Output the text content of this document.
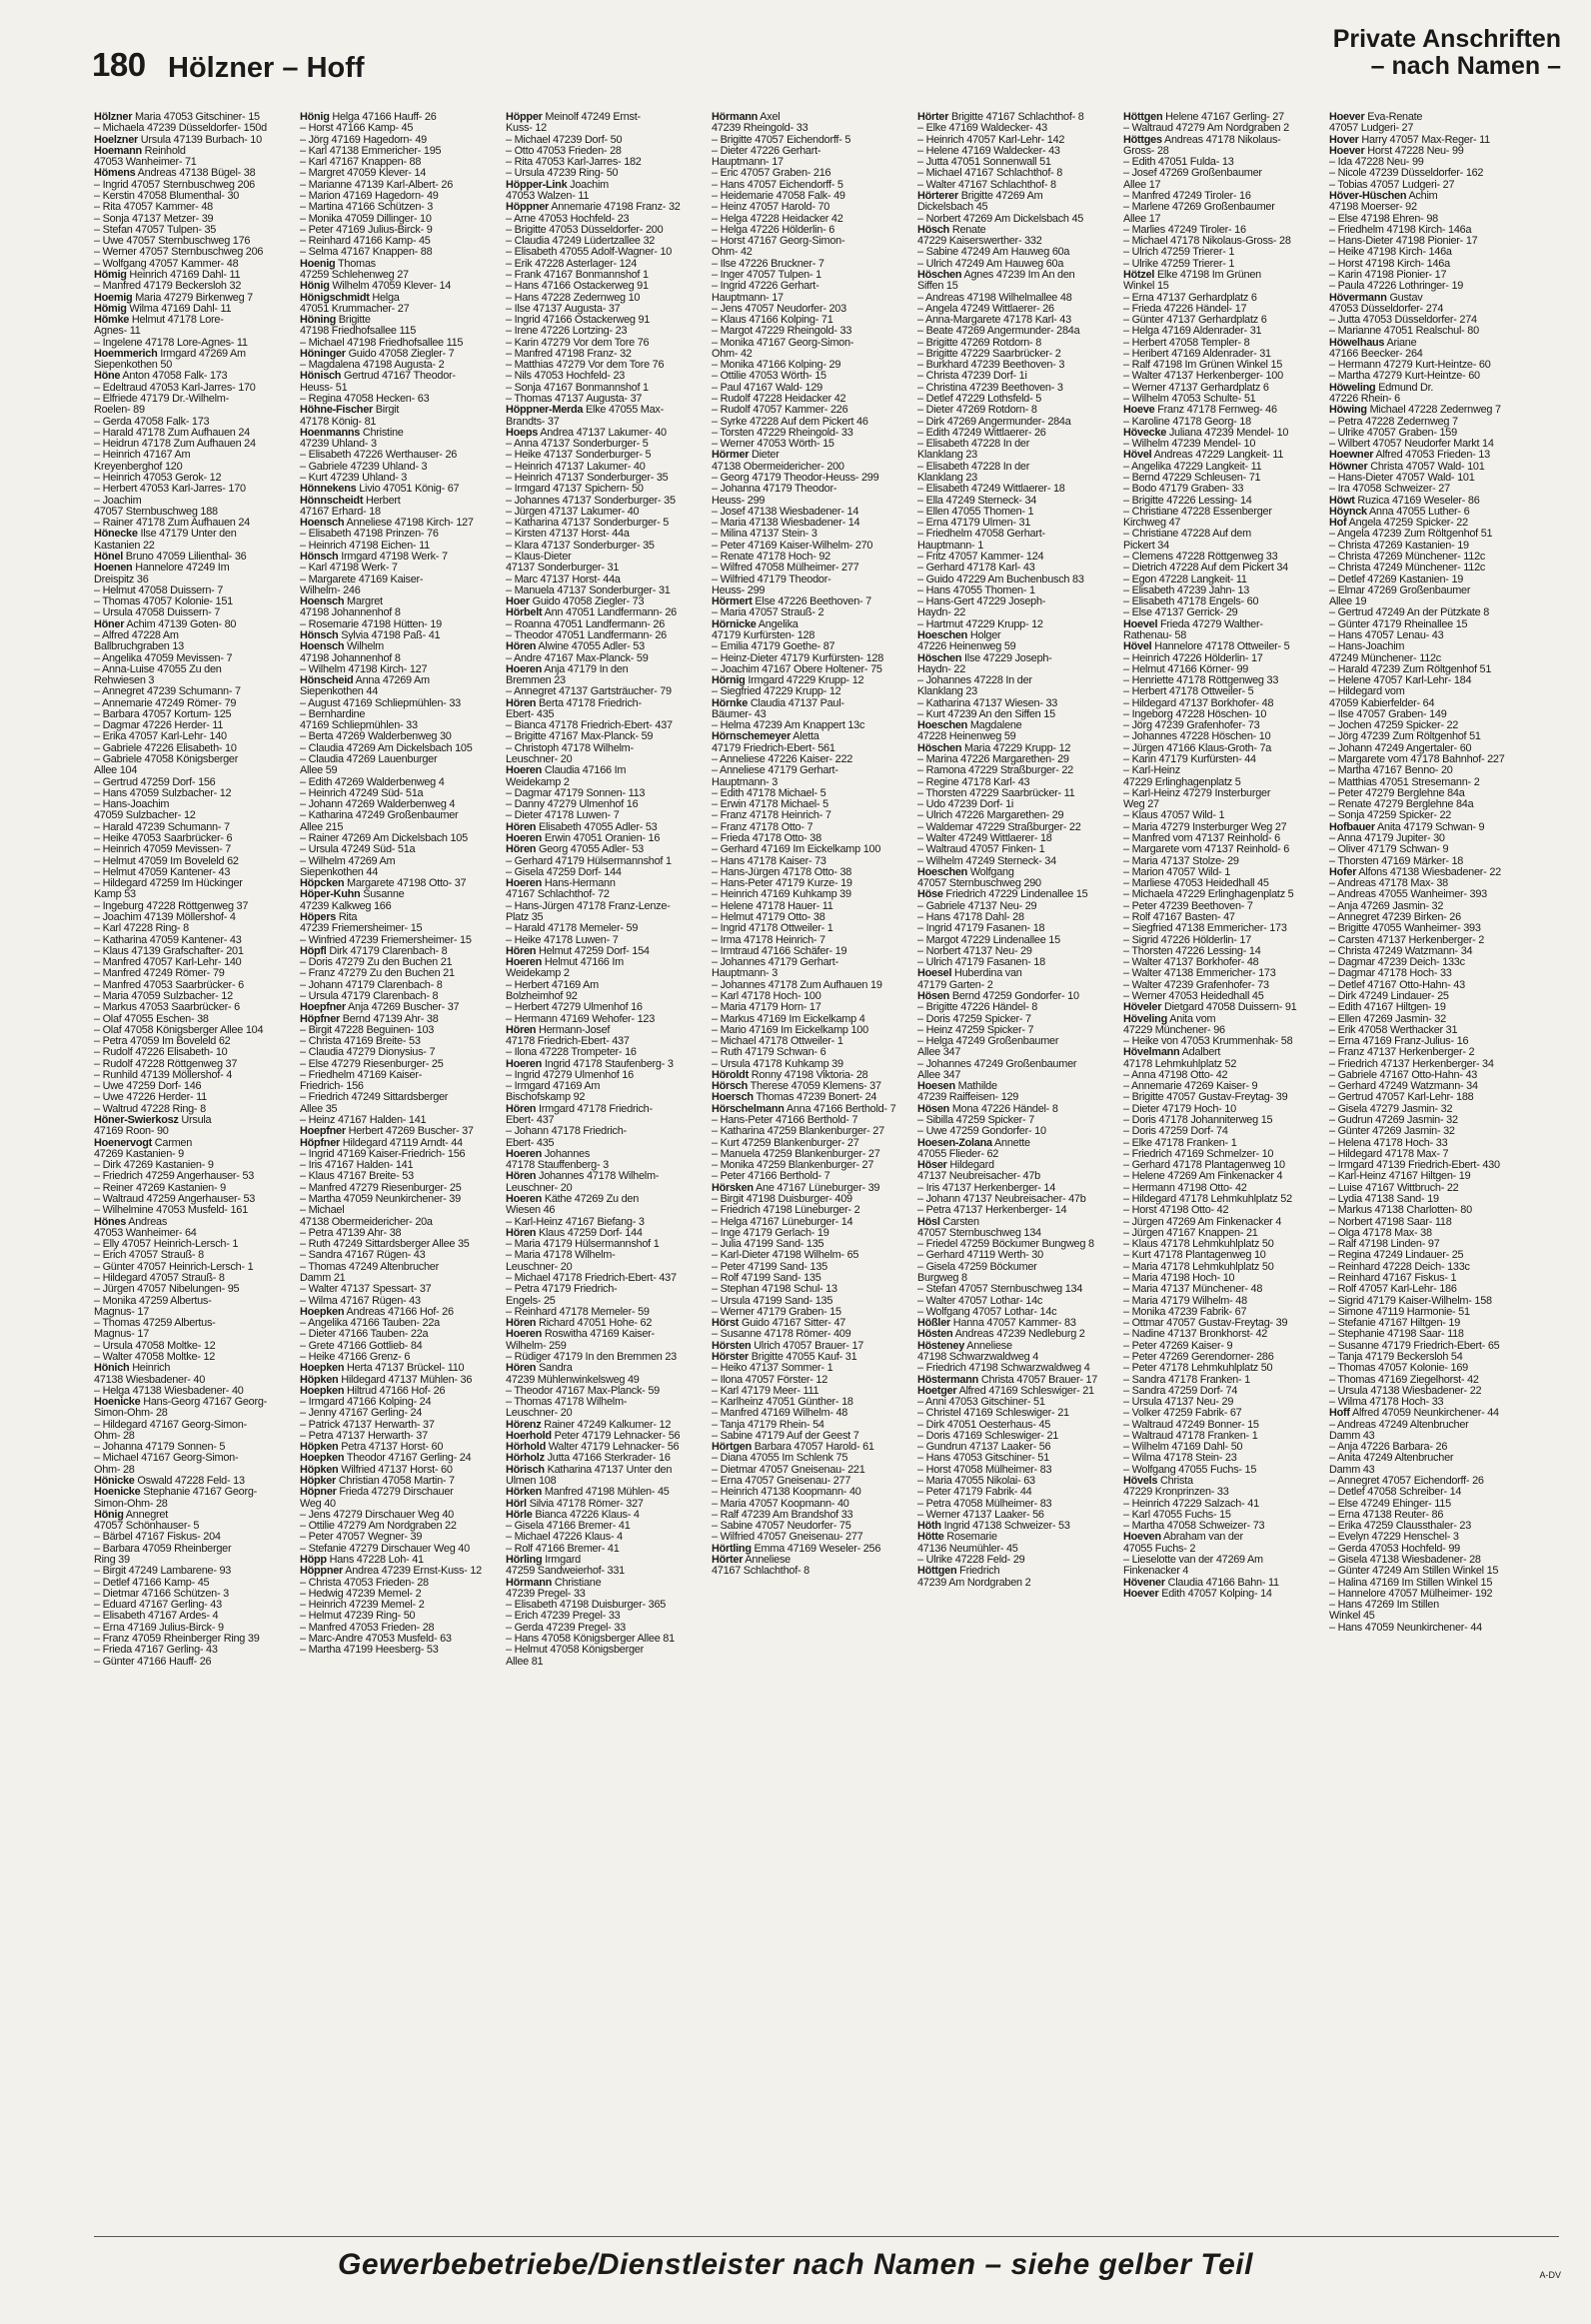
180 Hölzner – Hoff
Private Anschriften
– nach Namen –
Hölzner Maria 47053 Gitschiner- 15
– Michaela 47239 Düsseldorfer- 150d
Hoelzner Ursula 47139 Burbach- 10
Hoemann Reinhold
47053 Wanheimer- 71
Hömens Andreas 47138 Bügel- 38
– Ingrid 47057 Sternbuschweg 206
– Kerstin 47058 Blumenthal- 30
– Rita 47057 Kammer- 48
– Sonja 47137 Metzer- 39
– Stefan 47057 Tulpen- 35
– Uwe 47057 Sternbuschweg 176
– Werner 47057 Sternbuschweg 206
– Wolfgang 47057 Kammer- 48
Hömig Heinrich 47169 Dahl- 11
– Manfred 47179 Beckersloh 32
Hoemig Maria 47279 Birkenweg 7
Hömig Wilma 47169 Dahl- 11
Hömke Helmut 47178 Lore-
Agnes- 11
– Ingelene 47178 Lore-Agnes- 11
Hoemmerich Irmgard 47269 Am
Siepenkothen 50
Höne Anton 47058 Falk- 173
– Edeltraud 47053 Karl-Jarres- 170
– Elfriede 47179 Dr.-Wilhelm-
Roelen- 89
– Gerda 47058 Falk- 173
– Harald 47178 Zum Aufhauen 24
– Heidrun 47178 Zum Aufhauen 24
– Heinrich 47167 Am
Kreyenberghof 120
– Heinrich 47053 Gerok- 12
– Herbert 47053 Karl-Jarres- 170
– Joachim
47057 Sternbuschweg 188
– Rainer 47178 Zum Aufhauen 24
Hönecke Ilse 47179 Unter den
Kastanien 22
Hönel Bruno 47059 Lilienthal- 36
Hoenen Hannelore 47249 Im
Dreispitz 36
– Helmut 47058 Duissern- 7
– Thomas 47057 Kolonie- 151
– Ursula 47058 Duissern- 7
Höner Achim 47139 Goten- 80
– Alfred 47228 Am
Ballbruchgraben 13
– Angelika 47059 Mevissen- 7
– Anna-Luise 47055 Zu den
Rehwiesen 3
– Annegret 47239 Schumann- 7
– Annemarie 47249 Römer- 79
– Barbara 47057 Kortum- 125
– Dagmar 47226 Herder- 11
– Erika 47057 Karl-Lehr- 140
– Gabriele 47226 Elisabeth- 10
– Gabriele 47058 Königsberger
Allee 104
– Gertrud 47259 Dorf- 156
– Hans 47059 Sulzbacher- 12
– Hans-Joachim
47059 Sulzbacher- 12
– Harald 47239 Schumann- 7
– Heike 47053 Saarbrücker- 6
– Heinrich 47059 Mevissen- 7
– Helmut 47059 Im Boveleld 62
– Helmut 47059 Kantener- 43
– Hildegard 47259 Im Hückinger
Kamp 53
– Ingeburg 47228 Röttgenweg 37
– Joachim 47139 Möllershof- 4
– Karl 47228 Ring- 8
– Katharina 47059 Kantener- 43
– Klaus 47139 Grafschafter- 201
– Manfred 47057 Karl-Lehr- 140
– Manfred 47249 Römer- 79
– Manfred 47053 Saarbrücker- 6
– Maria 47059 Sulzbacher- 12
– Markus 47053 Saarbrücker- 6
– Olaf 47055 Eschen- 38
– Olaf 47058 Königsberger Allee 104
– Petra 47059 Im Boveleld 62
– Rudolf 47226 Elisabeth- 10
– Rudolf 47228 Röttgenweg 37
– Runhild 47139 Möllershof- 4
– Uwe 47259 Dorf- 146
– Uwe 47226 Herder- 11
– Waltrud 47228 Ring- 8
Höner-Swierkosz Ursula
47169 Roon- 90
Hoenervogt Carmen
47269 Kastanien- 9
– Dirk 47269 Kastanien- 9
– Friedrich 47259 Angerhauser- 53
– Reiner 47269 Kastanien- 9
– Waltraud 47259 Angerhauser- 53
– Wilhelmine 47053 Musfeld- 161
Hönes Andreas
47053 Wanheimer- 64
– Elly 47057 Heinrich-Lersch- 1
– Erich 47057 Strauß- 8
– Günter 47057 Heinrich-Lersch- 1
– Hildegard 47057 Strauß- 8
– Jürgen 47057 Nibelungen- 95
– Monika 47259 Albertus-
Magnus- 17
– Thomas 47259 Albertus-
Magnus- 17
– Ursula 47058 Moltke- 12
– Walter 47058 Moltke- 12
Hönich Heinrich
47138 Wiesbadener- 40
– Helga 47138 Wiesbadener- 40
Hoenicke Hans-Georg 47167 Georg-
Simon-Ohm- 28
– Hildegard 47167 Georg-Simon-
Ohm- 28
– Johanna 47179 Sonnen- 5
– Michael 47167 Georg-Simon-
Ohm- 28
Hönicke Oswald 47228 Feld- 13
Hoenicke Stephanie 47167 Georg-
Simon-Ohm- 28
Hönig Annegret
47057 Schönhauser- 5
– Bärbel 47167 Fiskus- 204
– Barbara 47059 Rheinberger
Ring 39
– Birgit 47249 Lambarene- 93
– Detlef 47166 Kamp- 45
– Dietmar 47166 Schützen- 3
– Eduard 47167 Gerling- 43
– Elisabeth 47167 Ardes- 4
– Erna 47169 Julius-Birck- 9
– Franz 47059 Rheinberger Ring 39
– Frieda 47167 Gerling- 43
– Günter 47166 Hauff- 26
Hönig Helga 47166 Hauff- 26
– Horst 47166 Kamp- 45
– Jörg 47169 Hagedorn- 49
– Karl 47138 Emmericher- 195
– Karl 47167 Knappen- 88
– Margret 47059 Klever- 14
– Marianne 47139 Karl-Albert- 26
– Marion 47169 Hagedorn- 49
– Martina 47166 Schützen- 3
– Monika 47059 Dillinger- 10
– Peter 47169 Julius-Birck- 9
– Reinhard 47166 Kamp- 45
– Selma 47167 Knappen- 88
Hoenig Thomas
47259 Schlehenweg 27
Hönig Wilhelm 47059 Klever- 14
Hönigschmidt Helga
47051 Krummacher- 27
Höning Brigitte
47198 Friedhofsallee 115
– Michael 47198 Friedhofsallee 115
Höninger Guido 47058 Ziegler- 7
– Magdalena 47198 Augusta- 2
Hönisch Gertrud 47167 Theodor-
Heuss- 51
– Regina 47058 Hecken- 63
Höhne-Fischer Birgit
47178 König- 81
Hoenmanns Christine
47239 Uhland- 3
– Elisabeth 47226 Werthauser- 26
– Gabriele 47239 Uhland- 3
– Kurt 47239 Uhland- 3
Hönnekens Livio 47051 König- 67
Hönnscheidt Herbert
47167 Erhard- 18
Hoensch Anneliese 47198 Kirch- 127
– Elisabeth 47198 Prinzen- 76
– Heinrich 47198 Eichen- 11
Hönsch Irmgard 47198 Werk- 7
– Karl 47198 Werk- 7
– Margarete 47169 Kaiser-
Wilhelm- 246
Hoensch Margret
47198 Johannenhof 8
– Rosemarie 47198 Hütten- 19
Hönsch Sylvia 47198 Paß- 41
Hoensch Wilhelm
47198 Johannenhof 8
– Wilhelm 47198 Kirch- 127
Hönscheid Anna 47269 Am
Siepenkothen 44
– August 47169 Schliepmühlen- 33
– Bernhardine
47169 Schliepmühlen- 33
– Berta 47269 Walderbenweg 30
– Claudia 47269 Am Dickelsbach 105
– Claudia 47269 Lauenburger
Allee 59
– Edith 47269 Walderbenweg 4
– Heinrich 47249 Süd- 51a
– Johann 47269 Walderbenweg 4
– Katharina 47249 Großenbaumer
Allee 215
– Rainer 47269 Am Dickelsbach 105
– Ursula 47249 Süd- 51a
– Wilhelm 47269 Am
Siepenkothen 44
Höpcken Margarete 47198 Otto- 37
Höper-Kuhn Susanne
47239 Kalkweg 166
Höpers Rita
47239 Friemersheimer- 15
– Winfried 47239 Friemersheimer- 15
Höpfl Dirk 47179 Clarenbach- 8
– Doris 47279 Zu den Buchen 21
– Franz 47279 Zu den Buchen 21
– Johann 47179 Clarenbach- 8
– Ursula 47179 Clarenbach- 8
Hoepfner Anja 47269 Buscher- 37
Höpfner Bernd 47139 Ahr- 38
– Birgit 47228 Beguinen- 103
– Christa 47169 Breite- 53
– Claudia 47279 Dionysius- 7
– Else 47279 Riesenburger- 25
– Friedhelm 47169 Kaiser-
Friedrich- 156
– Friedrich 47249 Sittardsberger
Allee 35
– Heinz 47167 Halden- 141
Hoepfner Herbert 47269 Buscher- 37
Höpfner Hildegard 47119 Arndt- 44
– Ingrid 47169 Kaiser-Friedrich- 156
– Iris 47167 Halden- 141
– Klaus 47167 Breite- 53
– Manfred 47279 Riesenburger- 25
– Martha 47059 Neunkirchener- 39
– Michael
47138 Obermeidericher- 20a
– Petra 47139 Ahr- 38
– Ruth 47249 Sittardsberger Allee 35
– Sandra 47167 Rügen- 43
– Thomas 47249 Altenbrucher
Damm 21
– Walter 47137 Spessart- 37
– Wilma 47167 Rügen- 43
Hoepken Andreas 47166 Hof- 26
– Angelika 47166 Tauben- 22a
– Dieter 47166 Tauben- 22a
– Grete 47166 Gottlieb- 84
– Heike 47166 Grenz- 6
Hoepken Herta 47137 Brückel- 110
Höpken Hildegard 47137 Mühlen- 36
Hoepken Hiltrud 47166 Hof- 26
– Irmgard 47166 Kolping- 24
– Jenny 47167 Gerling- 24
– Patrick 47137 Herwarth- 37
– Petra 47137 Herwarth- 37
Höpken Petra 47137 Horst- 60
Hoepken Theodor 47167 Gerling- 24
Höpken Wilfried 47137 Horst- 60
Höpker Christian 47058 Martin- 7
Höpner Frieda 47279 Dirschauer
Weg 40
– Jens 47279 Dirschauer Weg 40
– Ottilie 47279 Am Nordgraben 22
– Peter 47057 Wegner- 39
– Stefanie 47279 Dirschauer Weg 40
Höpp Hans 47228 Loh- 41
Höppner Andrea 47239 Ernst-Kuss- 12
– Christa 47053 Frieden- 28
– Hedwig 47239 Memel- 2
– Heinrich 47239 Memel- 2
– Helmut 47239 Ring- 50
– Manfred 47053 Frieden- 28
– Marc-Andre 47053 Musfeld- 63
– Martha 47199 Heesberg- 53
Höpper Meinolf 47249 Ernst-
Kuss- 12
– Michael 47239 Dorf- 50
– Otto 47053 Frieden- 28
– Rita 47053 Karl-Jarres- 182
– Ursula 47239 Ring- 50
Höpper-Link Joachim
47053 Walzen- 11
Höppner Annemarie 47198 Franz- 32
– Arne 47053 Hochfeld- 23
– Brigitte 47053 Düsseldorfer- 200
– Claudia 47249 Lüdertzallee 32
– Elisabeth 47055 Adolf-Wagner- 10
– Erik 47228 Asterlager- 124
– Frank 47167 Bonmannshof 1
– Hans 47166 Ostackerweg 91
– Hans 47228 Zedernweg 10
– Ilse 47137 Augusta- 37
– Ingrid 47166 Ostackerweg 91
– Irene 47226 Lortzing- 23
– Karin 47279 Vor dem Tore 76
– Manfred 47198 Franz- 32
– Matthias 47279 Vor dem Tore 76
– Nils 47053 Hochfeld- 23
– Sonja 47167 Bonmannshof 1
– Thomas 47137 Augusta- 37
Höppner-Merda Elke 47055 Max-
Brandts- 37
Hoeps Andrea 47137 Lakumer- 40
– Anna 47137 Sonderburger- 5
– Heike 47137 Sonderburger- 5
– Heinrich 47137 Lakumer- 40
– Heinrich 47137 Sonderburger- 35
– Irmgard 47137 Spichern- 50
– Johannes 47137 Sonderburger- 35
– Jürgen 47137 Lakumer- 40
– Katharina 47137 Sonderburger- 5
– Kirsten 47137 Horst- 44a
– Klara 47137 Sonderburger- 35
– Klaus-Dieter
47137 Sonderburger- 31
– Marc 47137 Horst- 44a
– Manuela 47137 Sonderburger- 31
Hoer Guido 47058 Ziegler- 73
Hörbelt Ann 47051 Landfermann- 26
– Roanna 47051 Landfermann- 26
– Theodor 47051 Landfermann- 26
Hören Alwine 47055 Adler- 53
– Andre 47167 Max-Planck- 59
Hoeren Anja 47179 In den
Bremmen 23
– Annegret 47137 Gartsträucher- 79
Hören Berta 47178 Friedrich-
Ebert- 435
– Bianca 47178 Friedrich-Ebert- 437
– Brigitte 47167 Max-Planck- 59
– Christoph 47178 Wilhelm-
Leuschner- 20
Hoeren Claudia 47166 Im
Weidekamp 2
– Dagmar 47179 Sonnen- 113
– Danny 47279 Ulmenhof 16
– Dieter 47178 Luwen- 7
Hören Elisabeth 47055 Adler- 53
Hoeren Erwin 47051 Oranien- 16
Hören Georg 47055 Adler- 53
– Gerhard 47179 Hülsermannshof 1
– Gisela 47259 Dorf- 144
Hoeren Hans-Hermann
47167 Schlachthof- 72
– Hans-Jürgen 47178 Franz-Lenze-
Platz 35
– Harald 47178 Memeler- 59
– Heike 47178 Luwen- 7
Hören Helmut 47259 Dorf- 154
Hoeren Helmut 47166 Im
Weidekamp 2
– Herbert 47169 Am
Bolzheimhof 92
– Herbert 47279 Ulmenhof 16
– Hermann 47169 Wehofer- 123
Hören Hermann-Josef
47178 Friedrich-Ebert- 437
– Ilona 47228 Trompeter- 16
Hoeren Ingrid 47178 Staufenberg- 3
– Ingrid 47279 Ulmenhof 16
– Irmgard 47169 Am
Bischofskamp 92
Hören Irmgard 47178 Friedrich-
Ebert- 437
– Johann 47178 Friedrich-
Ebert- 435
Hoeren Johannes
47178 Stauffenberg- 3
Hören Johannes 47178 Wilhelm-
Leuschner- 20
Hoeren Käthe 47269 Zu den
Wiesen 46
– Karl-Heinz 47167 Biefang- 3
Hören Klaus 47259 Dorf- 144
– Maria 47179 Hülsermannshof 1
– Maria 47178 Wilhelm-
Leuschner- 20
– Michael 47178 Friedrich-Ebert- 437
– Petra 47179 Friedrich-
Engels- 25
– Reinhard 47178 Memeler- 59
Hören Richard 47051 Hohe- 62
Hoeren Roswitha 47169 Kaiser-
Wilhelm- 259
– Rüdiger 47179 In den Bremmen 23
Hören Sandra
47239 Mühlenwinkelsweg 49
– Theodor 47167 Max-Planck- 59
– Thomas 47178 Wilhelm-
Leuschner- 20
Hörenz Rainer 47249 Kalkumer- 12
Hoerhold Peter 47179 Lehnacker- 56
Hörhold Walter 47179 Lehnacker- 56
Hörholz Jutta 47166 Sterkrader- 16
Hörisch Katharina 47137 Unter den
Ulmen 108
Hörken Manfred 47198 Mühlen- 45
Hörl Silvia 47178 Römer- 327
Hörle Bianca 47226 Klaus- 4
– Gisela 47166 Bremer- 41
– Michael 47226 Klaus- 4
– Rolf 47166 Bremer- 41
Hörling Irmgard
47259 Sandweierhof- 331
Hörmann Christiane
47239 Pregel- 33
– Elisabeth 47198 Duisburger- 365
– Erich 47239 Pregel- 33
– Gerda 47239 Pregel- 33
– Hans 47058 Königsberger Allee 81
– Helmut 47058 Königsberger
Allee 81
Hörmann Axel
47239 Rheingold- 33
– Brigitte 47057 Eichendorff- 5
– Dieter 47226 Gerhart-
Hauptmann- 17
– Eric 47057 Graben- 216
– Hans 47057 Eichendorff- 5
– Heidemarie 47058 Falk- 49
– Heinz 47057 Harold- 70
– Helga 47228 Heidacker 42
– Helga 47226 Hölderlin- 6
– Horst 47167 Georg-Simon-
Ohm- 42
– Ilse 47226 Bruckner- 7
– Inger 47057 Tulpen- 1
– Ingrid 47226 Gerhart-
Hauptmann- 17
– Jens 47057 Neudorfer- 203
– Klaus 47166 Kolping- 71
– Margot 47229 Rheingold- 33
– Monika 47167 Georg-Simon-
Ohm- 42
– Monika 47166 Kolping- 29
– Ottilie 47053 Wörth- 15
– Paul 47167 Wald- 129
– Rudolf 47228 Heidacker 42
– Rudolf 47057 Kammer- 226
– Syrke 47228 Auf dem Pickert 46
– Torsten 47229 Rheingold- 33
– Werner 47053 Wörth- 15
Hörmer Dieter
47138 Obermeidericher- 200
– Georg 47179 Theodor-Heuss- 299
– Johanna 47179 Theodor-
Heuss- 299
– Josef 47138 Wiesbadener- 14
– Maria 47138 Wiesbadener- 14
– Milina 47137 Stein- 3
– Peter 47169 Kaiser-Wilhelm- 270
– Renate 47178 Hoch- 92
– Wilfred 47058 Mülheimer- 277
– Wilfried 47179 Theodor-
Heuss- 299
Hörmert Else 47226 Beethoven- 7
– Maria 47057 Strauß- 2
Hörnicke Angelika
47179 Kurfürsten- 128
– Emilia 47179 Goethe- 87
– Heinz-Dieter 47179 Kurfürsten- 128
– Joachim 47167 Obere Holtener- 75
Hörnig Irmgard 47229 Krupp- 12
– Siegfried 47229 Krupp- 12
Hörnke Claudia 47137 Paul-
Bäumer- 43
– Helma 47239 Am Knappert 13c
Hörnschemeyer Aletta
47179 Friedrich-Ebert- 561
– Anneliese 47226 Kaiser- 222
– Anneliese 47179 Gerhart-
Hauptmann- 3
– Edith 47178 Michael- 5
– Erwin 47178 Michael- 5
– Franz 47178 Heinrich- 7
– Franz 47178 Otto- 7
– Frieda 47178 Otto- 38
– Gerhard 47169 Im Eickelkamp 100
– Hans 47178 Kaiser- 73
– Hans-Jürgen 47178 Otto- 38
– Hans-Peter 47179 Kurze- 19
– Heinrich 47169 Kuhkamp 39
– Helene 47178 Hauer- 11
– Helmut 47179 Otto- 38
– Ingrid 47178 Ottweiler- 1
– Irma 47178 Heinrich- 7
– Irmtraud 47166 Schäfer- 19
– Johannes 47179 Gerhart-
Hauptmann- 3
– Johannes 47178 Zum Aufhauen 19
– Karl 47178 Hoch- 100
– Maria 47179 Horn- 17
– Markus 47169 Im Eickelkamp 4
– Mario 47169 Im Eickelkamp 100
– Michael 47178 Ottweiler- 1
– Ruth 47179 Schwan- 6
– Ursula 47178 Kuhkamp 39
Höroldt Ronny 47198 Viktoria- 28
Hörsch Therese 47059 Klemens- 37
Hoersch Thomas 47239 Bonert- 24
Hörschelmann Anna 47166 Berthold- 7
– Hans-Peter 47166 Berthold- 7
– Katharina 47259 Blankenburger- 27
– Kurt 47259 Blankenburger- 27
– Manuela 47259 Blankenburger- 27
– Monika 47259 Blankenburger- 27
– Peter 47166 Berthold- 7
Hörsken Ane 47167 Lüneburger- 39
– Birgit 47198 Duisburger- 409
– Friedrich 47198 Lüneburger- 2
– Helga 47167 Lüneburger- 14
– Inge 47179 Gerlach- 19
– Julia 47199 Sand- 135
– Karl-Dieter 47198 Wilhelm- 65
– Peter 47199 Sand- 135
– Rolf 47199 Sand- 135
– Stephan 47198 Schul- 13
– Ursula 47199 Sand- 135
– Werner 47179 Graben- 15
Hörst Guido 47167 Sitter- 47
– Susanne 47178 Römer- 409
Hörsten Ulrich 47057 Brauer- 17
Hörster Brigitte 47055 Kauf- 31
– Heiko 47137 Sommer- 1
– Ilona 47057 Förster- 12
– Karl 47179 Meer- 111
– Karlheinz 47051 Günther- 18
– Manfred 47169 Wilhelm- 48
– Tanja 47179 Rhein- 54
– Sabine 47179 Auf der Geest 7
Hörtgen Barbara 47057 Harold- 61
– Diana 47055 Im Schlenk 75
– Dietmar 47057 Gneisenau- 221
– Erna 47057 Gneisenau- 277
– Heinrich 47138 Koopmann- 40
– Maria 47057 Koopmann- 40
– Ralf 47239 Am Brandshof 33
– Sabine 47057 Neudorfer- 75
– Wilfried 47057 Gneisenau- 277
Hörtling Emma 47169 Weseler- 256
Hörter Anneliese
47167 Schlachthof- 8
Hörter Brigitte 47167 Schlachthof- 8
– Elke 47169 Waldecker- 43
– Heinrich 47057 Karl-Lehr- 142
– Helene 47169 Waldecker- 43
– Jutta 47051 Sonnenwall 51
– Michael 47167 Schlachthof- 8
– Walter 47167 Schlachthof- 8
Hörterer Brigitte 47269 Am
Dickelsbach 45
– Norbert 47269 Am Dickelsbach 45
Hösch Renate
47229 Kaiserswerther- 332
– Sabine 47249 Am Hauweg 60a
– Ulrich 47249 Am Hauweg 60a
Höschen Agnes 47239 Im An den
Siffen 15
– Andreas 47198 Wilhelmallee 48
– Angela 47249 Wittlaerer- 26
– Anna-Margarete 47178 Karl- 43
– Beate 47269 Angermunder- 284a
– Brigitte 47269 Rotdorn- 8
– Brigitte 47229 Saarbrücker- 2
– Burkhard 47239 Beethoven- 3
– Christa 47239 Dorf- 1i
– Christina 47239 Beethoven- 3
– Detlef 47229 Lothsfeld- 5
– Dieter 47269 Rotdorn- 8
– Dirk 47269 Angermunder- 284a
– Edith 47249 Wittlaerer- 26
– Elisabeth 47228 In der
Klanklang 23
– Elisabeth 47228 In der
Klanklang 23
– Elisabeth 47249 Wittlaerer- 18
– Ella 47249 Sterneck- 34
– Ellen 47055 Thomen- 1
– Erna 47179 Ulmen- 31
– Friedhelm 47058 Gerhart-
Hauptmann- 1
– Fritz 47057 Kammer- 124
– Gerhard 47178 Karl- 43
– Guido 47229 Am Buchenbusch 83
– Hans 47055 Thomen- 1
– Hans-Gert 47229 Joseph-
Haydn- 22
– Hartmut 47229 Krupp- 12
Hoeschen Holger
47226 Heinenweg 59
Höschen Ilse 47229 Joseph-
Haydn- 22
– Johannes 47228 In der
Klanklang 23
– Katharina 47137 Wiesen- 33
– Kurt 47239 An den Siffen 15
Hoeschen Magdalene
47228 Heinenweg 59
Höschen Maria 47229 Krupp- 12
– Marina 47226 Margarethen- 29
– Ramona 47229 Straßburger- 22
– Regine 47178 Karl- 43
– Thorsten 47229 Saarbrücker- 11
– Udo 47239 Dorf- 1i
– Ulrich 47226 Margarethen- 29
– Waldemar 47229 Straßburger- 22
– Walter 47249 Wittlaerer- 18
– Waltraud 47057 Finken- 1
– Wilhelm 47249 Sterneck- 34
Hoeschen Wolfgang
47057 Sternbuschweg 290
Höse Friedrich 47229 Lindenallee 15
– Gabriele 47137 Neu- 29
– Hans 47178 Dahl- 28
– Ingrid 47179 Fasanen- 18
– Margot 47229 Lindenallee 15
– Norbert 47137 Neu- 29
– Ulrich 47179 Fasanen- 18
Hoesel Huberdina van
47179 Garten- 2
Hösen Bernd 47259 Gondorfer- 10
– Brigitte 47226 Händel- 8
– Doris 47259 Spicker- 7
– Heinz 47259 Spicker- 7
– Helga 47249 Großenbaumer
Allee 347
– Johannes 47249 Großenbaumer
Allee 347
Hoesen Mathilde
47239 Raiffeisen- 129
Hösen Mona 47226 Händel- 8
– Sibilla 47259 Spicker- 7
– Uwe 47259 Gondorfer- 10
Hoesen-Zolana Annette
47055 Flieder- 62
Höser Hildegard
47137 Neubreisacher- 47b
– Iris 47137 Herkenberger- 14
– Johann 47137 Neubreisacher- 47b
– Petra 47137 Herkenberger- 14
Hösl Carsten
47057 Sternbuschweg 134
– Friedel 47259 Böckumer Bungweg 8
– Gerhard 47119 Werth- 30
– Gisela 47259 Böckumer
Burgweg 8
– Stefan 47057 Sternbuschweg 134
– Walter 47057 Lothar- 14c
– Wolfgang 47057 Lothar- 14c
Hößler Hanna 47057 Kammer- 83
Hösten Andreas 47239 Nedleburg 2
Hösteney Anneliese
47198 Schwarzwaldweg 4
– Friedrich 47198 Schwarzwaldweg 4
Höstermann Christa 47057 Brauer- 17
Hoetger Alfred 47169 Schleswiger- 21
– Anni 47053 Gitschiner- 51
– Christel 47169 Schleswiger- 21
– Dirk 47051 Oesterhaus- 45
– Doris 47169 Schleswiger- 21
– Gundrun 47137 Laaker- 56
– Hans 47053 Gitschiner- 51
– Horst 47058 Mülheimer- 83
– Maria 47055 Nikolai- 63
– Peter 47179 Fabrik- 44
– Petra 47058 Mülheimer- 83
– Werner 47137 Laaker- 56
Höth Ingrid 47138 Schweizer- 53
Hötte Rosemarie
47136 Neumühler- 45
– Ulrike 47228 Feld- 29
Höttgen Friedrich
47239 Am Nordgraben 2
Höttgen Helene 47167 Gerling- 27
– Waltraud 47279 Am Nordgraben 2
Höttges Andreas 47178 Nikolaus-
Gross- 28
– Edith 47051 Fulda- 13
– Josef 47269 Großenbaumer
Allee 17
– Manfred 47249 Tiroler- 16
– Marlene 47269 Großenbaumer
Allee 17
– Marlies 47249 Tiroler- 16
– Michael 47178 Nikolaus-Gross- 28
– Ulrich 47259 Trierer- 1
– Ulrike 47259 Trierer- 1
Hötzel Elke 47198 Im Grünen
Winkel 15
– Erna 47137 Gerhardplatz 6
– Frieda 47226 Händel- 17
– Günter 47137 Gerhardplatz 6
– Helga 47169 Aldenrader- 31
– Herbert 47058 Templer- 8
– Heribert 47169 Aldenrader- 31
– Ralf 47198 Im Grünen Winkel 15
– Walter 47137 Herkenberger- 100
– Werner 47137 Gerhardplatz 6
– Wilhelm 47053 Schulte- 51
Hoeve Franz 47178 Fernweg- 46
– Karoline 47178 Georg- 18
Hövecke Juliana 47239 Mendel- 10
– Wilhelm 47239 Mendel- 10
Hövel Andreas 47229 Langkeit- 11
– Angelika 47229 Langkeit- 11
– Bernd 47229 Schleusen- 71
– Bodo 47179 Graben- 33
– Brigitte 47226 Lessing- 14
– Christiane 47228 Essenberger
Kirchweg 47
– Christiane 47228 Auf dem
Pickert 34
– Clemens 47228 Röttgenweg 33
– Dietrich 47228 Auf dem Pickert 34
– Egon 47228 Langkeit- 11
– Elisabeth 47239 Jahn- 13
– Elisabeth 47178 Engels- 60
– Else 47137 Gerrick- 29
Hoevel Frieda 47279 Walther-
Rathenau- 58
Hövel Hannelore 47178 Ottweiler- 5
– Heinrich 47226 Hölderlin- 17
– Helmut 47166 Körner- 99
– Henriette 47178 Röttgenweg 33
– Herbert 47178 Ottweiler- 5
– Hildegard 47137 Borkhofer- 48
– Ingeborg 47228 Höschen- 10
– Jörg 47239 Grafenhofer- 73
– Johannes 47228 Höschen- 10
– Jürgen 47166 Klaus-Groth- 7a
– Karin 47179 Kurfürsten- 44
– Karl-Heinz
47229 Erlinghagenplatz 5
– Karl-Heinz 47279 Insterburger
Weg 27
– Klaus 47057 Wild- 1
– Maria 47279 Insterburger Weg 27
– Manfred vom 47137 Reinhold- 6
– Margarete vom 47137 Reinhold- 6
– Maria 47137 Stolze- 29
– Marion 47057 Wild- 1
– Marliese 47053 Heidedhall 45
– Michaela 47229 Erlinghagenplatz 5
– Peter 47239 Beethoven- 7
– Rolf 47167 Basten- 47
– Siegfried 47138 Emmericher- 173
– Sigrid 47226 Hölderlin- 17
– Thorsten 47226 Lessing- 14
– Walter 47137 Borkhofer- 48
– Walter 47138 Emmericher- 173
– Walter 47239 Grafenhofer- 73
– Werner 47053 Heidedhall 45
Höveler Dietgard 47058 Duissern- 91
Höveling Anita vom
47229 Münchener- 96
– Heike von 47053 Krummenhak- 58
Hövelmann Adalbert
47178 Lehmkuhlplatz 52
– Anna 47198 Otto- 42
– Annemarie 47269 Kaiser- 9
– Brigitte 47057 Gustav-Freytag- 39
– Dieter 47179 Hoch- 10
– Doris 47178 Johanniterweg 15
– Doris 47259 Dorf- 74
– Elke 47178 Franken- 1
– Friedrich 47169 Schmelzer- 10
– Gerhard 47178 Plantagenweg 10
– Helene 47269 Am Finkenacker 4
– Hermann 47198 Otto- 42
– Hildegard 47178 Lehmkuhlplatz 52
– Horst 47198 Otto- 42
– Jürgen 47269 Am Finkenacker 4
– Jürgen 47167 Knappen- 21
– Klaus 47178 Lehmkuhlplatz 50
– Kurt 47178 Plantagenweg 10
– Maria 47178 Lehmkuhlplatz 50
– Maria 47198 Hoch- 10
– Maria 47137 Münchener- 48
– Maria 47179 Wilhelm- 48
– Monika 47239 Fabrik- 67
– Ottmar 47057 Gustav-Freytag- 39
– Nadine 47137 Bronkhorst- 42
– Peter 47269 Kaiser- 9
– Peter 47269 Gerendorner- 286
– Peter 47178 Lehmkuhlplatz 50
– Sandra 47178 Franken- 1
– Sandra 47259 Dorf- 74
– Ursula 47137 Neu- 29
– Volker 47259 Fabrik- 67
– Waltraud 47249 Bonner- 15
– Waltraud 47178 Franken- 1
– Wilhelm 47169 Dahl- 50
– Wilma 47178 Stein- 23
– Wolfgang 47055 Fuchs- 15
Hövels Christa
47229 Kronprinzen- 33
– Heinrich 47229 Salzach- 41
– Karl 47055 Fuchs- 15
– Martha 47058 Schweizer- 73
Hoeven Abraham van der
47055 Fuchs- 2
– Lieselotte van der 47269 Am
Finkenacker 4
Hövener Claudia 47166 Bahn- 11
Hoever Edith 47057 Kolping- 14
Hoever Eva-Renate
47057 Ludgeri- 27
Hover Harry 47057 Max-Reger- 11
Hoever Horst 47228 Neu- 99
– Ida 47228 Neu- 99
– Nicole 47239 Düsseldorfer- 162
– Tobias 47057 Ludgeri- 27
Höver-Hüschen Achim
47198 Moerser- 92
– Else 47198 Ehren- 98
– Friedhelm 47198 Kirch- 146a
– Hans-Dieter 47198 Pionier- 17
– Heike 47198 Kirch- 146a
– Horst 47198 Kirch- 146a
– Karin 47198 Pionier- 17
– Paula 47226 Lothringer- 19
Hövermann Gustav
47053 Düsseldorfer- 274
– Jutta 47053 Düsseldorfer- 274
– Marianne 47051 Realschul- 80
Höwelhaus Ariane
47166 Beecker- 264
– Hermann 47279 Kurt-Heintze- 60
– Martha 47279 Kurt-Heintze- 60
Höweling Edmund Dr.
47226 Rhein- 6
Höwing Michael 47228 Zedernweg 7
– Petra 47228 Zedernweg 7
– Ulrike 47057 Graben- 159
– Wilbert 47057 Neudorfer Markt 14
Hoewner Alfred 47053 Frieden- 13
Höwner Christa 47057 Wald- 101
– Hans-Dieter 47057 Wald- 101
– Ira 47058 Schweizer- 27
Höwt Ruzica 47169 Weseler- 86
Höynck Anna 47055 Luther- 6
Hof Angela 47259 Spicker- 22
– Angela 47239 Zum Röltgenhof 51
– Christa 47269 Kastanien- 19
– Christa 47269 Münchener- 112c
– Christa 47249 Münchener- 112c
– Detlef 47269 Kastanien- 19
– Elmar 47269 Großenbaumer
Allee 19
– Gertrud 47249 An der Pützkate 8
– Günter 47179 Rheinallee 15
– Hans 47057 Lenau- 43
– Hans-Joachim
47249 Münchener- 112c
– Harald 47239 Zum Röltgenhof 51
– Helene 47057 Karl-Lehr- 184
– Hildegard vom
47059 Kabierfelder- 64
– Ilse 47057 Graben- 149
– Jochen 47259 Spicker- 22
– Jörg 47239 Zum Röltgenhof 51
– Johann 47249 Angertaler- 60
– Margarete vom 47178 Bahnhof- 227
– Martha 47167 Benno- 20
– Matthias 47051 Stresemann- 2
– Peter 47279 Berglehne 84a
– Renate 47279 Berglehne 84a
– Sonja 47259 Spicker- 22
Hofbauer Anita 47179 Schwan- 9
– Anna 47179 Jupiter- 30
– Oliver 47179 Schwan- 9
– Thorsten 47169 Märker- 18
Hofer Alfons 47138 Wiesbadener- 22
– Andreas 47178 Max- 38
– Andreas 47055 Wanheimer- 393
– Anja 47269 Jasmin- 32
– Annegret 47239 Birken- 26
– Brigitte 47055 Wanheimer- 393
– Carsten 47137 Herkenberger- 2
– Christa 47249 Watzmann- 34
– Dagmar 47239 Deich- 133c
– Dagmar 47178 Hoch- 33
– Detlef 47167 Otto-Hahn- 43
– Dirk 47249 Lindauer- 25
– Edith 47167 Hiltgen- 19
– Ellen 47269 Jasmin- 32
– Erik 47058 Werthacker 31
– Erna 47169 Franz-Julius- 16
– Franz 47137 Herkenberger- 2
– Friedrich 47137 Herkenberger- 34
– Gabriele 47167 Otto-Hahn- 43
– Gerhard 47249 Watzmann- 34
– Gertrud 47057 Karl-Lehr- 188
– Gisela 47279 Jasmin- 32
– Gudrun 47269 Jasmin- 32
– Günter 47269 Jasmin- 32
– Helena 47178 Hoch- 33
– Hildegard 47178 Max- 7
– Irmgard 47139 Friedrich-Ebert- 430
– Karl-Heinz 47167 Hiltgen- 19
– Luise 47167 Wittbruch- 22
– Lydia 47138 Sand- 19
– Markus 47138 Charlotten- 80
– Norbert 47198 Saar- 118
– Olga 47178 Max- 38
– Ralf 47198 Linden- 97
– Regina 47249 Lindauer- 25
– Reinhard 47228 Deich- 133c
– Reinhard 47167 Fiskus- 1
– Rolf 47057 Karl-Lehr- 186
– Sigrid 47179 Kaiser-Wilhelm- 158
– Simone 47119 Harmonie- 51
– Stefanie 47167 Hiltgen- 19
– Stephanie 47198 Saar- 118
– Susanne 47179 Friedrich-Ebert- 65
– Tanja 47179 Beckersloh 54
– Thomas 47057 Kolonie- 169
– Thomas 47169 Ziegelhorst- 42
– Ursula 47138 Wiesbadener- 22
– Wilma 47178 Hoch- 33
Hoff Alfred 47059 Neunkirchener- 44
– Andreas 47249 Altenbrucher
Damm 43
– Anja 47226 Barbara- 26
– Anita 47249 Altenbrucher
Damm 43
– Annegret 47057 Eichendorff- 26
– Detlef 47058 Schreiber- 14
– Else 47249 Ehinger- 115
– Erna 47138 Reuter- 86
– Erika 47259 Claussthaler- 23
– Evelyn 47229 Henschel- 3
– Gerda 47053 Hochfeld- 99
– Gisela 47138 Wiesbadener- 28
– Günter 47249 Am Stillen Winkel 15
– Halina 47169 Im Stillen Winkel 15
– Hannelore 47057 Mülheimer- 192
– Hans 47269 Im Stillen
Winkel 45
– Hans 47059 Neunkirchener- 44
Gewerbebetriebe/Dienstleister nach Namen – siehe gelber Teil	A-DV
